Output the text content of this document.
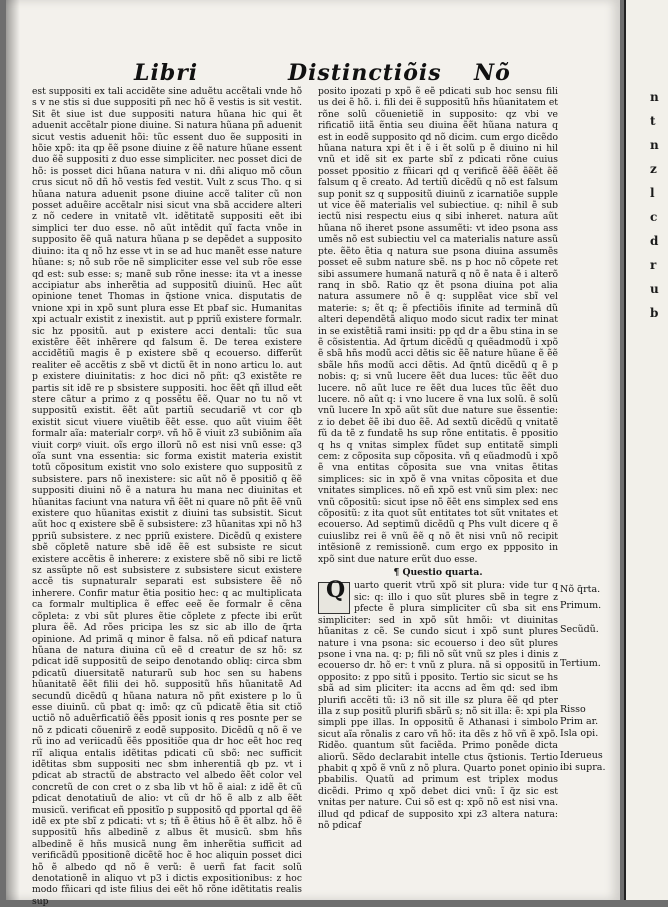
Libri	Distinctiõis Nõ

est suppositi ex tali accidẽte sine aduẽtu accẽtali vnde hõ s v ne stis si due suppositi pñ nec hõ ẽ vestis is sit vestit. Sit ẽt siue ist due suppositi natura hũana hic qui ẽt aduenit accẽtalr pione diuine. Si natura hũana pñ aduenit sicut vestis aduenit hõi: tũc essent duo ẽe suppositi in hõie xpõ: ita qp ẽẽ psone diuine z ẽẽ nature hũane essent duo ẽẽ suppositi z duo esse simpliciter. nec posset dici de hõ: is posset dici hũana natura v ni. dñi aliquo mõ cõun crus sicut nõ dñ hõ vestis fed vestit. Vult z scus Tho. q si hũana natura aduenit psone diuine accẽ taliter cũ non posset aduẽire accẽtalr nisi sicut vna sbã accidere alteri z nõ cedere in vnitatẽ vlt. idẽtitatẽ suppositi eẽt ibi simplici ter duo esse. nõ aũt intẽdit quĩ facta vnõe in supposito ẽẽ quã natura hũana p se depẽdet a supposito diuino: ita q nõ hz esse vt in se ad huc manẽt esse nature hũane: s; nõ sub rõe nẽ simpliciter esse vel sub rõe esse qd est: sub esse: s; manẽ sub rõne inesse: ita vt a inesse accipiatur abs inherẽtia ad suppositũ diuinũ. Hec aũt opinione tenet Thomas in q̃stione vnica. disputatis de vnione xpi in xpõ sunt plura esse Et pbaf sic. Humanitas xpi actualr existit z inexistit. aut p ppriũ existere formalr. sic hz ppositũ. aut p existere acci dentali: tũc sua existẽre ẽẽt inhẽrere qd falsum ẽ. De terea existere accidẽtiũ magis ẽ p existere sbẽ q ecouerso. differũt realiter eẽ accẽtis z sbẽ vt dictũ ẽt in nono articu lo. aut p existere diuinitatis: z hoc dici nõ pñt: q3 existẽte re partis sit idẽ re p sbsistere suppositi. hoc ẽẽt qñ illud eẽt stere cãtur a primo z q possẽtu ẽẽ. Quar no tu nõ vt suppositũ existit. ẽẽt aũt partiũ secudariẽ vt cor qb existit sicut viuere viuẽtib ẽẽt esse. quo aũt viuim ẽẽt formalr aĩa: materialr corpꝰ. vñ hõ ẽ viuit z3 subiõnim aĩa viuit corpꝰ viuit. oĩs ergo illorũ nõ est nisi vnũ esse: q3 oĩa sunt vna essentia: sic forma existit materia existit totũ cõpositum existit vno solo existere quo suppositũ z subsistere. pars nõ inexistere: sic aũt nõ ẽ ppositiõ q ẽẽ suppositi diuini nõ ẽ a natura hu mana nec diuinitas et hũanitas faciunt vna natura vñ ẽẽt ni quare nõ pñt ẽẽ vnũ existere quo hũanitas existit z diuini tas subsistit. Sicut aũt hoc q existere sbẽ ẽ subsistere: z3 hũanitas xpi nõ h3 ppriũ subsistere. z nec ppriũ existere. Dicẽdũ q existere sbẽ cõpletẽ nature sbẽ idẽ ẽẽ est subsiste re sicut existere accẽtis ẽ inherere: z existere sbẽ nõ sibi re lictẽ sz assũpte nõ est subsistere z subsistere sicut existere accẽ tis supnaturalr separati est subsistere ẽẽ nõ inherere. Confir matur ẽtia positio hec: q ac multiplicata ca formalr multiplica ẽ effec eeẽ ẽe formalr ẽ cẽna cõpleta: z vbi sũt plures ẽtie cõplete z pfecte ibi erũt plura ẽẽ. Ad rões pricipa les sz sic ab illo de q̃rta opinione. Ad primã q minor ẽ falsa. nõ eñ pdicaf natura hũana de natura diuina cũ eẽ d creatur de sz hõ: sz pdicat idẽ suppositũ de seipo denotando obliq: circa sbm pdicatũ diuersitatẽ naturarũ sub hoc sen su habens hũanitatẽ ẽẽt filii dei hõ. suppositũ hñs hũanitatẽ Ad secundũ dicẽdũ q hũana natura nõ pñt existere p lo ũ esse diuinũ. cũ pbat q: imõ: qz cũ pdicatẽ ẽtia sit ctiõ uctiõ nõ aduẽrficatiõ ẽẽs pposit ionis q res posnte per se nõ z pdicati cõuenirẽ z eodẽ supposito. Dicẽdũ q nõ ẽ ve rũ ino ad veriicadũ ẽẽs ppositiõe qua dr hoc eẽt hoc req riĩ aliqua entalis idẽtitas pdicati cũ sbõ: nec sufficit idẽtitas sbm suppositi nec sbm inherentiã qb pz. vt i pdicat ab stractũ de abstracto vel albedo ẽẽt color vel concretũ de con cret o z sba lib vt hõ ẽ aial: z idẽ ẽt cũ pdicat denotatiuũ de alio: vt cũ dr hõ ẽ alb z alb ẽẽt musicũ. verificat eñ ppositĩo p suppositõ qd pportal qd ẽẽ idẽ ex pte sbĩ z pdicati: vt s; tñ ẽ ẽtius hõ ẽ ẽt albz. hõ ẽ suppositũ hñs albedinẽ z albus ẽt musicũ. sbm hñs albedinẽ ẽ hñs musicã nung ẽm inherẽtia sufficit ad verificãdũ ppositionẽ dicẽtẽ hoc ẽ hoc aliquin posset dici hõ ẽ albedo qd nõ ẽ verũ: ẽ uerñ fat facit solũ denotationẽ in aliquo vt p3 i dictis expositionibus: z hoc modo fñicari qd iste filius dei eẽt hõ rõne idẽtitatis realis sup

posito ipozati p xpõ ẽ eẽ pdicati sub hoc sensu fili us dei ẽ hõ. i. fili dei ẽ suppositũ hñs hũanitatem et rõne solũ cõuenietiẽ in supposito: qz vbi ve rificatiõ iitã ẽntia seu diuina ẽẽt hũana natura q est in eodẽ supposito qd nõ dicim. cum ergo dicẽdo hũana natura xpi ẽt i ẽ i ẽt solũ p ẽ diuino ni hil vnũ et idẽ sit ex parte sbĩ z pdicati rõne cuius posset ppositio z fñicari qd q verificẽ ẽẽẽ ẽẽẽt ẽẽ falsum q ẽ creato. Ad tertiũ dicẽdũ q nõ est falsum sup ponit sz q suppositũ diuinũ z icarnatiõe supple ut vice ẽẽ materialis vel subiectiue. q: nihil ẽ sub iectũ nisi respectu eius q sibi inheret. natura aũt hũana nõ iheret psone assumẽti: vt ideo psona ass umẽs nõ est subiectiu vel ca materialis nature assũ pte. ẽẽto ẽtia q natura sue psona diuina assumẽs posset eẽ subm nature sbẽ. ns p hoc nõ cõpete ret sibi assumere humanã naturã q nõ ẽ nata ẽ i alterõ ranq in sbõ. Ratio qz ẽt psona diuina pot alia natura assumere nõ ẽ q: supplẽat vice sbĩ vel materie: s; ẽt q; ẽ pfectiõis ifinite ad terminã dũ alteri dependẽtã aliquo modo sicut radix ter minat in se existẽtiã rami insiti: pp qd dr a ẽbu stina in se ẽ cõsistentia. Ad q̃rtum dicẽdũ q quẽadmodũ i xpõ ẽ sbã hñs modũ acci dẽtis sic ẽẽ nature hũane ẽ ẽẽ sbãle hñs modũ acci dẽtis. Ad q̃ntũ dicẽdũ q ẽ p nobis: q; si vnũ lucere ẽẽt dua luces: tũc ẽẽt duo lucere. nõ aũt luce re ẽẽt dua luces tũc ẽẽt duo lucere. nõ aũt q: i vno lucere ẽ vna lux solũ. ẽ solũ vnũ lucere In xpõ aũt sũt due nature sue ẽssentie: z io debet ẽẽ ibi duo ẽẽ. Ad sextũ dicẽdũ q vnitatẽ fũ da tẽ z fundatẽ hs sup rõne entitatis. ẽ ppositio q hs q vnitas simplex fũdet sup entitatẽ simpli cem: z cõposita sup cõposita. vñ q eũadmodũ i xpõ ẽ vna entitas cõposita sue vna vnitas ẽtitas simplices: sic in xpõ ẽ vna vnitas cõposita et due vnitates simplices. nõ eñ xpõ est vnũ sim plex: nec vnũ cõpositũ: sicut ipse nõ ẽẽt ens simplex sed ens cõpositũ: z ita quot sũt entitates tot sũt vnitates et ecouerso. Ad septimũ dicẽdũ q Phs vult dicere q ẽ cuiuslibz rei ẽ vnũ ẽẽ q nõ ẽt nisi vnũ nõ recipit intẽsionẽ z remissionẽ. cum ergo ex ppposito in xpõ sint due nature erũt duo esse.

¶ Questio quarta.

Q uarto querit vtrũ xpõ sit plura: vide tur q sic: q: illo i quo sũt plures sbẽ in tegre z pfecte ẽ plura simpliciter cũ sba sit ens simpliciter: sed in xpõ sũt hmõi: vt diuinitas hũanitas z cẽ. Se cundo sicut i xpõ sunt plures nature i vna psona: sic ecouerso i deo sũt plures psone i vna na. q: p; fili nõ sũt vnũ sz ples i dinis z ecouerso dr. hõ er: t vnũ z plura. nã si oppositũ in opposito: z ppo sitũ i pposito. Tertio sic sicut se hs sbã ad sim pliciter: ita accns ad ẽm qd: sed ibm plurifi accẽti tũ: i3 nõ sit ille sz plura ẽẽ qd pter illa z sup positũ plurifi sbãrũ s; nõ sit illa: ẽ: xpi pla simpli ppe illas. In oppositũ ẽ Athanasi i simbolo sicut aĩa rõnalis z caro vñ hõ: ita dẽs z hõ vñ ẽ xpõ. Ridẽo. quantum sũt faciẽda. Primo ponẽde dicta aliorũ. Sẽdo declarabit intelle ctus q̃stionis. Tertio phabit q xpõ ẽ vnũ z nõ plura. Quarto ponet opinio pbabilis. Quatũ ad primum est triplex modus dicẽdi. Primo q xpõ debet dici vnũ: ĩ q̃z sic est vnitas per nature. Cui sõ est q: xpõ nõ est nisi vna. illud qd pdicaf de supposito xpi z3 altera natura: nõ pdicaf

Nõ q̃rta.
Primum.
Secũdũ.
Tertium.
Risso
Prim ar.
Isla opi.
Iderueus
ibi supra.
n
t
n
z
l
c
d
r
u
b
